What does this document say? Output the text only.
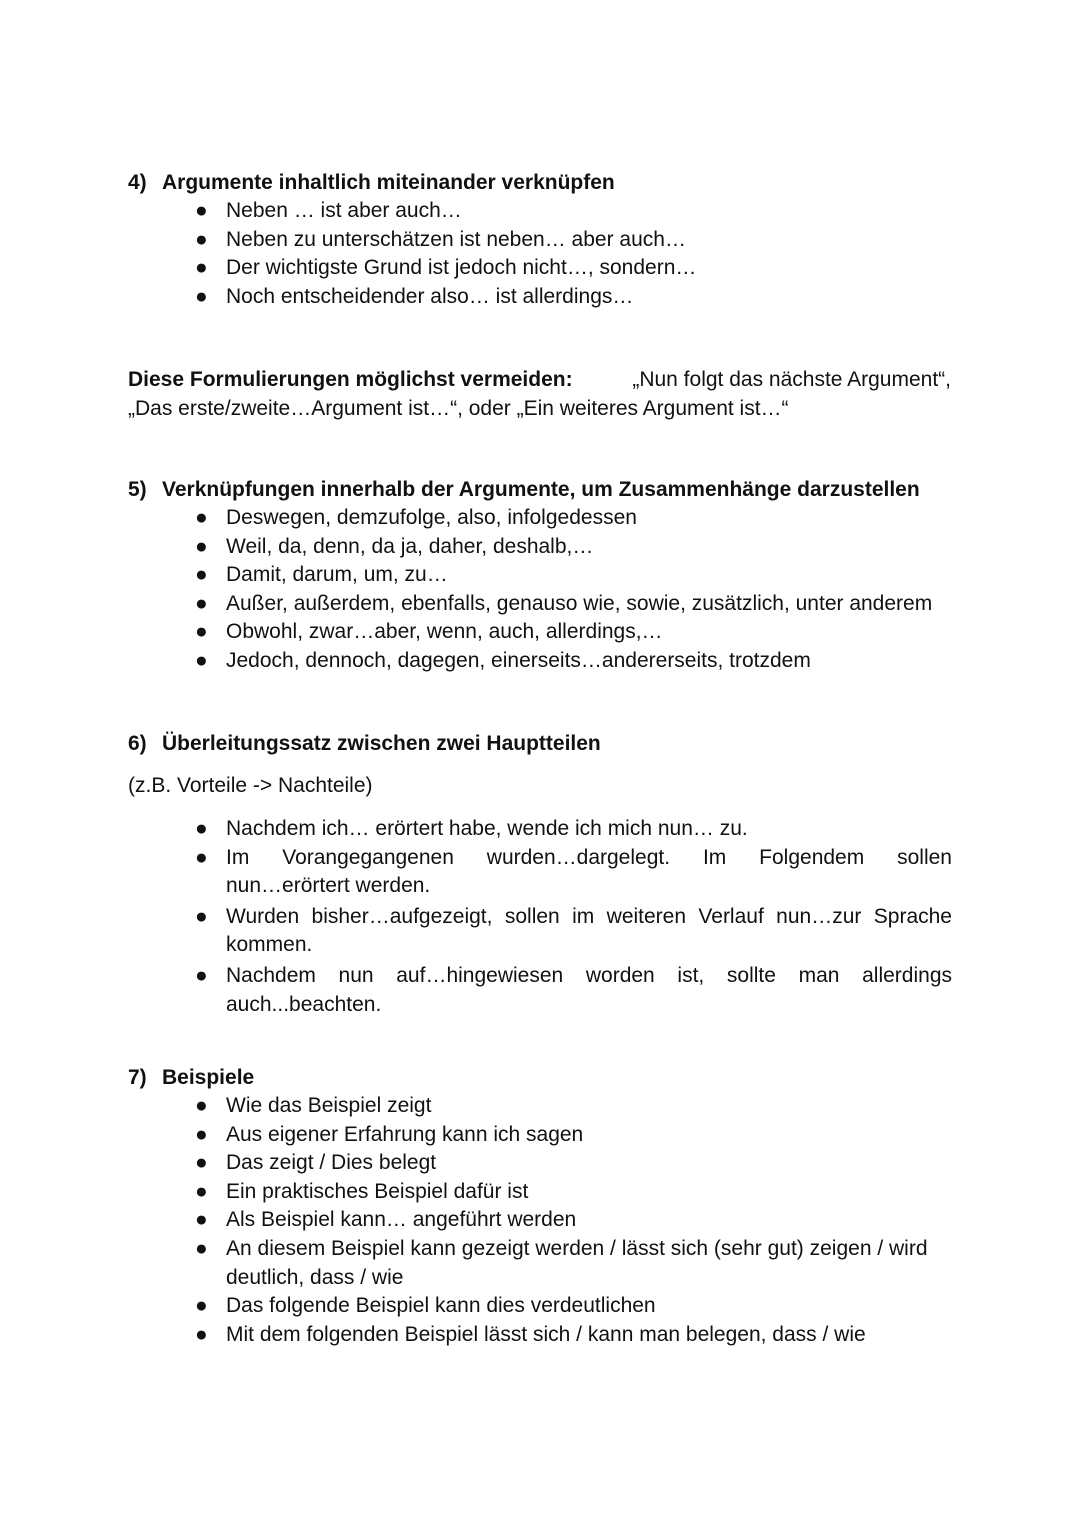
4) Argumente inhaltlich miteinander verknüpfen
● Neben … ist aber auch…
● Neben zu unterschätzen ist neben… aber auch…
● Der wichtigste Grund ist jedoch nicht…, sondern…
● Noch entscheidender also… ist allerdings…
Diese Formulierungen möglichst vermeiden:	„Nun folgt das nächste Argument“,
„Das erste/zweite…Argument ist…“, oder „Ein weiteres Argument ist…“
5) Verknüpfungen innerhalb der Argumente, um Zusammenhänge darzustellen
● Deswegen, demzufolge, also, infolgedessen
● Weil, da, denn, da ja, daher, deshalb,…
● Damit, darum, um, zu…
● Außer, außerdem, ebenfalls, genauso wie, sowie, zusätzlich, unter anderem
● Obwohl, zwar…aber, wenn, auch, allerdings,…
● Jedoch, dennoch, dagegen, einerseits…andererseits, trotzdem
6) Überleitungssatz zwischen zwei Hauptteilen
(z.B. Vorteile -> Nachteile)
● Nachdem ich… erörtert habe, wende ich mich nun… zu.
● Im Vorangegangenen wurden…dargelegt. Im Folgendem sollen
nun…erörtert werden.
● Wurden bisher…aufgezeigt, sollen im weiteren Verlauf nun…zur Sprache
kommen.
● Nachdem nun auf…hingewiesen worden ist, sollte man allerdings
auch...beachten.
7) Beispiele
● Wie das Beispiel zeigt
● Aus eigener Erfahrung kann ich sagen
● Das zeigt / Dies belegt
● Ein praktisches Beispiel dafür ist
● Als Beispiel kann… angeführt werden
● An diesem Beispiel kann gezeigt werden / lässt sich (sehr gut) zeigen / wird
deutlich, dass / wie
● Das folgende Beispiel kann dies verdeutlichen
● Mit dem folgenden Beispiel lässt sich / kann man belegen, dass / wie
